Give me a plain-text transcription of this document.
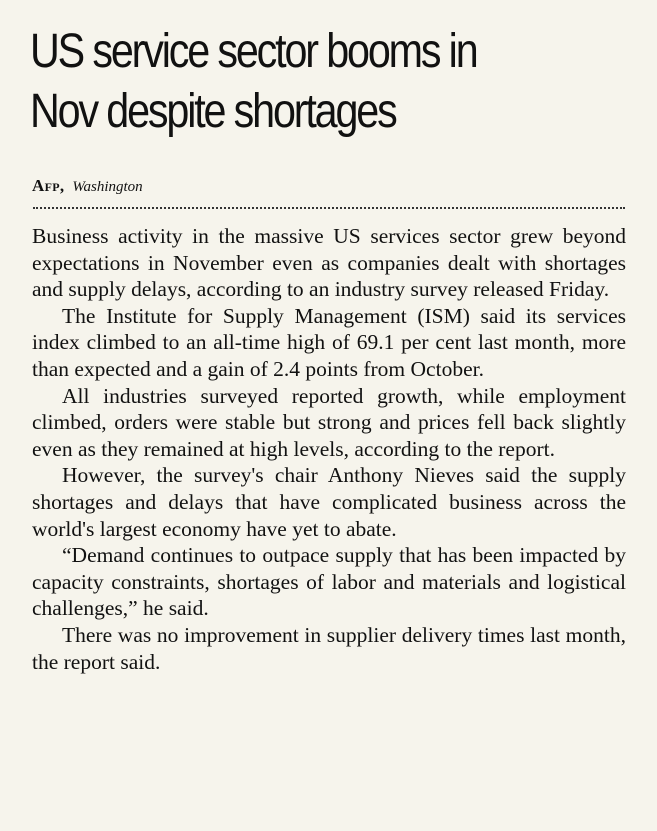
US service sector booms in
Nov despite shortages
Afp, Washington

Business activity in the massive US services sector grew beyond expectations in November even as companies dealt with shortages and supply delays, according to an industry survey released Friday.

The Institute for Supply Management (ISM) said its services index climbed to an all-time high of 69.1 per cent last month, more than expected and a gain of 2.4 points from October.

All industries surveyed reported growth, while employment climbed, orders were stable but strong and prices fell back slightly even as they remained at high levels, according to the report.

However, the survey's chair Anthony Nieves said the supply shortages and delays that have complicated business across the world's largest economy have yet to abate.

“Demand continues to outpace supply that has been impacted by capacity constraints, shortages of labor and materials and logistical challenges,” he said.

There was no improvement in supplier delivery times last month, the report said.
